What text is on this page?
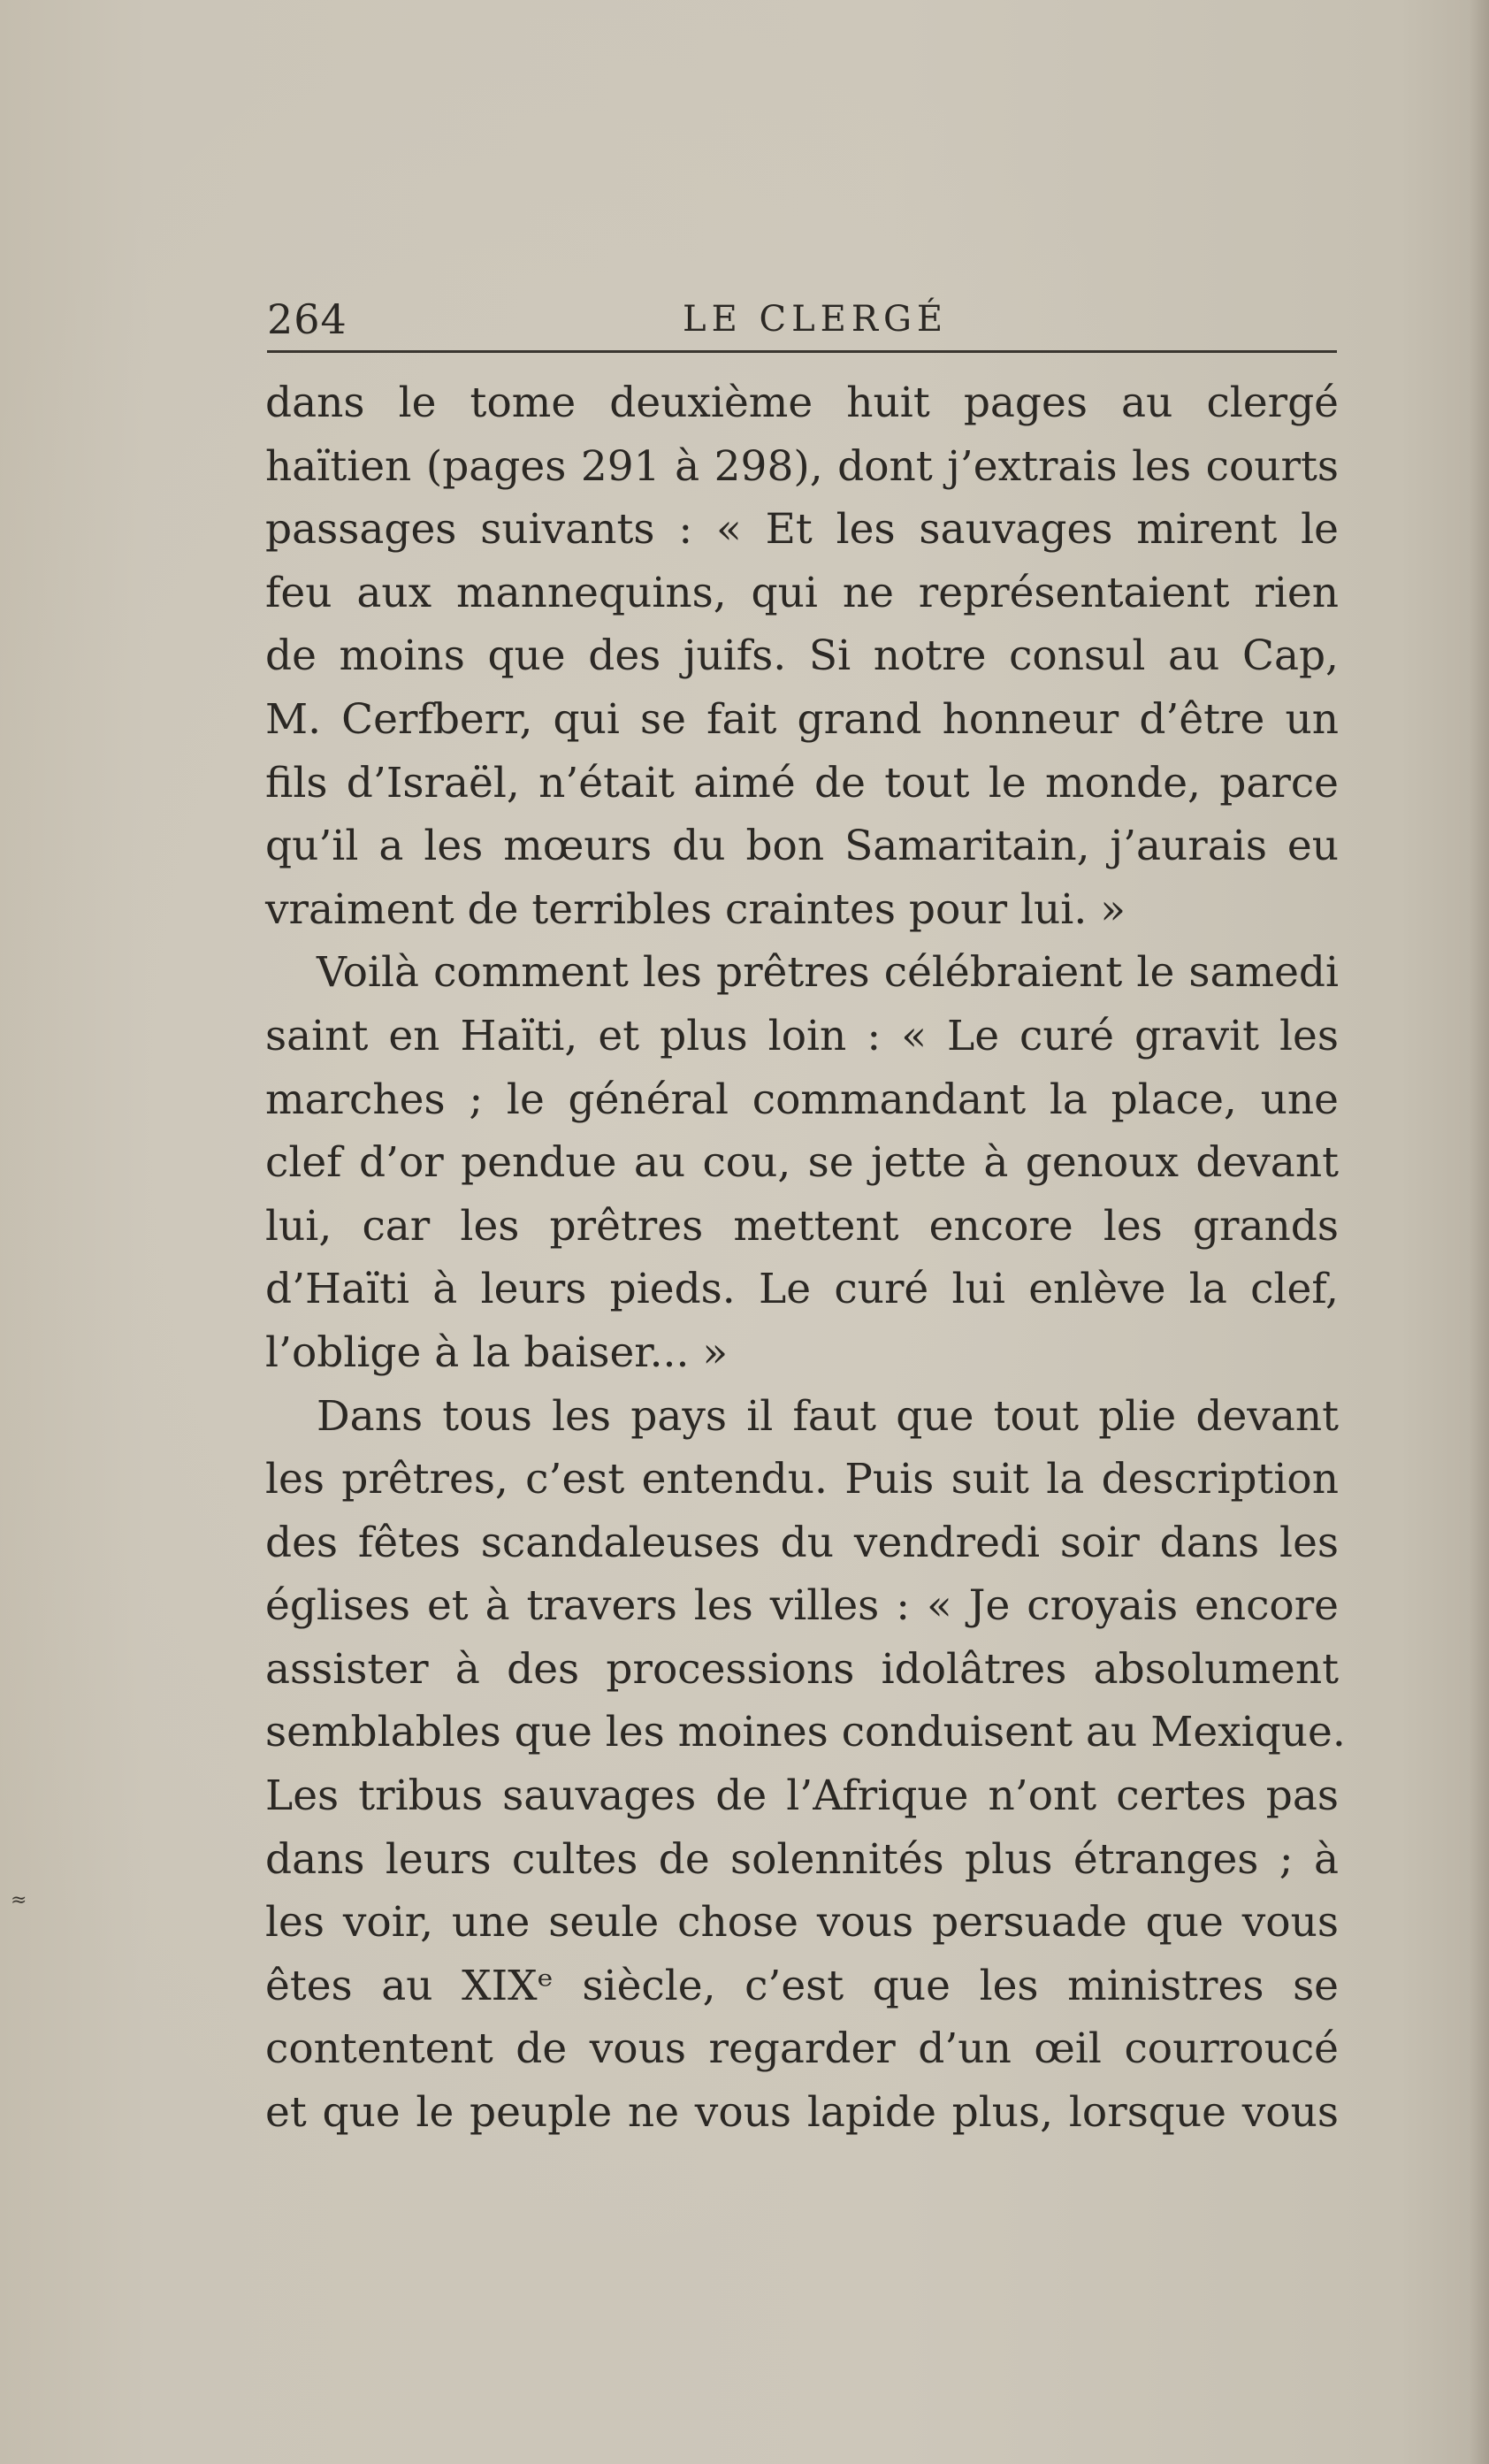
≈
264	LE CLERGÉ
dans le tome deuxième huit pages au clergé
haïtien (pages 291 à 298), dont j’extrais les courts
passages suivants : « Et les sauvages mirent le
feu aux mannequins, qui ne représentaient rien
de moins que des juifs. Si notre consul au Cap,
M. Cerfberr, qui se fait grand honneur d’être un
fils d’Israël, n’était aimé de tout le monde, parce
qu’il a les mœurs du bon Samaritain, j’aurais eu
vraiment de terribles craintes pour lui. »
Voilà comment les prêtres célébraient le samedi
saint en Haïti, et plus loin : « Le curé gravit les
marches ; le général commandant la place, une
clef d’or pendue au cou, se jette à genoux devant
lui, car les prêtres mettent encore les grands
d’Haïti à leurs pieds. Le curé lui enlève la clef,
l’oblige à la baiser... »
Dans tous les pays il faut que tout plie devant
les prêtres, c’est entendu. Puis suit la description
des fêtes scandaleuses du vendredi soir dans les
églises et à travers les villes : « Je croyais encore
assister à des processions idolâtres absolument
semblables que les moines conduisent au Mexique.
Les tribus sauvages de l’Afrique n’ont certes pas
dans leurs cultes de solennités plus étranges ; à
les voir, une seule chose vous persuade que vous
êtes au XIXᵉ siècle, c’est que les ministres se
contentent de vous regarder d’un œil courroucé
et que le peuple ne vous lapide plus, lorsque vous
